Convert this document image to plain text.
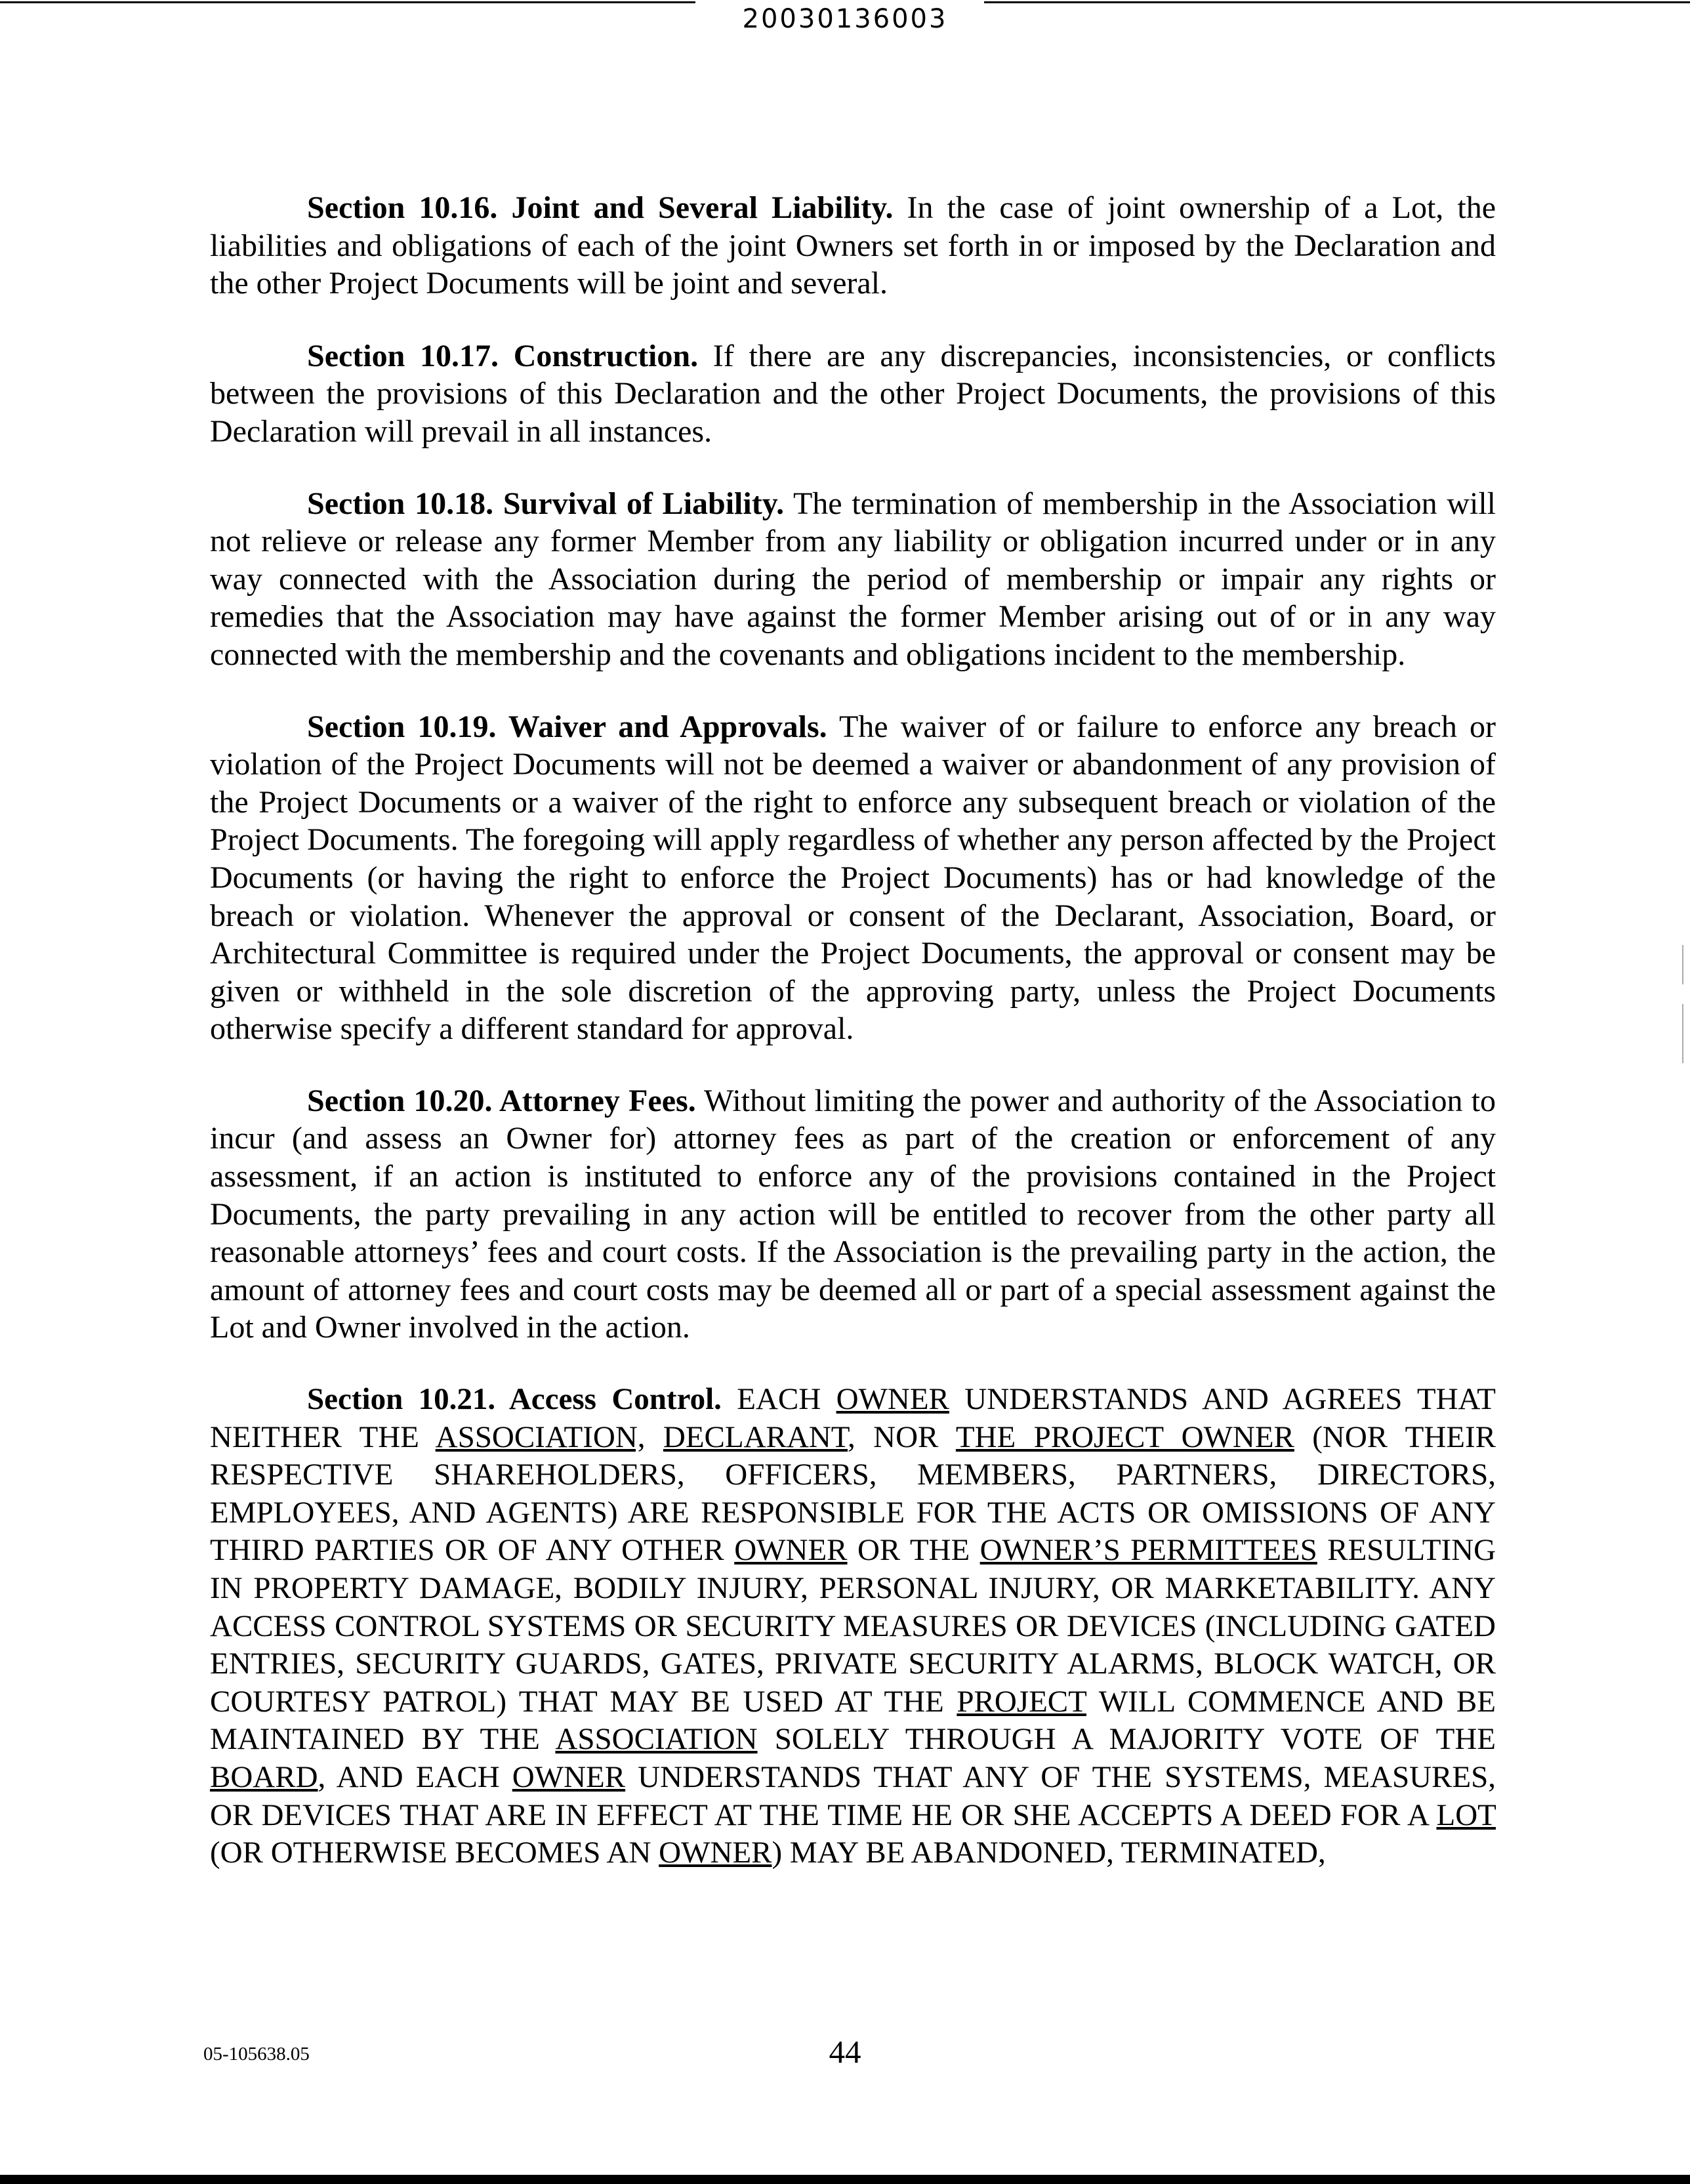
20030136003

Section 10.16. Joint and Several Liability. In the case of joint ownership of a Lot, the liabilities and obligations of each of the joint Owners set forth in or imposed by the Declaration and the other Project Documents will be joint and several.

Section 10.17. Construction. If there are any discrepancies, inconsistencies, or conflicts between the provisions of this Declaration and the other Project Documents, the provisions of this Declaration will prevail in all instances.

Section 10.18. Survival of Liability. The termination of membership in the Association will not relieve or release any former Member from any liability or obligation incurred under or in any way connected with the Association during the period of membership or impair any rights or remedies that the Association may have against the former Member arising out of or in any way connected with the membership and the covenants and obligations incident to the membership.

Section 10.19. Waiver and Approvals. The waiver of or failure to enforce any breach or violation of the Project Documents will not be deemed a waiver or abandonment of any provision of the Project Documents or a waiver of the right to enforce any subsequent breach or violation of the Project Documents. The foregoing will apply regardless of whether any person affected by the Project Documents (or having the right to enforce the Project Documents) has or had knowledge of the breach or violation. Whenever the approval or consent of the Declarant, Association, Board, or Architectural Committee is required under the Project Documents, the approval or consent may be given or withheld in the sole discretion of the approving party, unless the Project Documents otherwise specify a different standard for approval.

Section 10.20. Attorney Fees. Without limiting the power and authority of the Association to incur (and assess an Owner for) attorney fees as part of the creation or enforcement of any assessment, if an action is instituted to enforce any of the provisions contained in the Project Documents, the party prevailing in any action will be entitled to recover from the other party all reasonable attorneys’ fees and court costs. If the Association is the prevailing party in the action, the amount of attorney fees and court costs may be deemed all or part of a special assessment against the Lot and Owner involved in the action.

Section 10.21. Access Control. EACH OWNER UNDERSTANDS AND AGREES THAT NEITHER THE ASSOCIATION, DECLARANT, NOR THE PROJECT OWNER (NOR THEIR RESPECTIVE SHAREHOLDERS, OFFICERS, MEMBERS, PARTNERS, DIRECTORS, EMPLOYEES, AND AGENTS) ARE RESPONSIBLE FOR THE ACTS OR OMISSIONS OF ANY THIRD PARTIES OR OF ANY OTHER OWNER OR THE OWNER’S PERMITTEES RESULTING IN PROPERTY DAMAGE, BODILY INJURY, PERSONAL INJURY, OR MARKETABILITY. ANY ACCESS CONTROL SYSTEMS OR SECURITY MEASURES OR DEVICES (INCLUDING GATED ENTRIES, SECURITY GUARDS, GATES, PRIVATE SECURITY ALARMS, BLOCK WATCH, OR COURTESY PATROL) THAT MAY BE USED AT THE PROJECT WILL COMMENCE AND BE MAINTAINED BY THE ASSOCIATION SOLELY THROUGH A MAJORITY VOTE OF THE BOARD, AND EACH OWNER UNDERSTANDS THAT ANY OF THE SYSTEMS, MEASURES, OR DEVICES THAT ARE IN EFFECT AT THE TIME HE OR SHE ACCEPTS A DEED FOR A LOT (OR OTHERWISE BECOMES AN OWNER) MAY BE ABANDONED, TERMINATED,

05-105638.05	44
